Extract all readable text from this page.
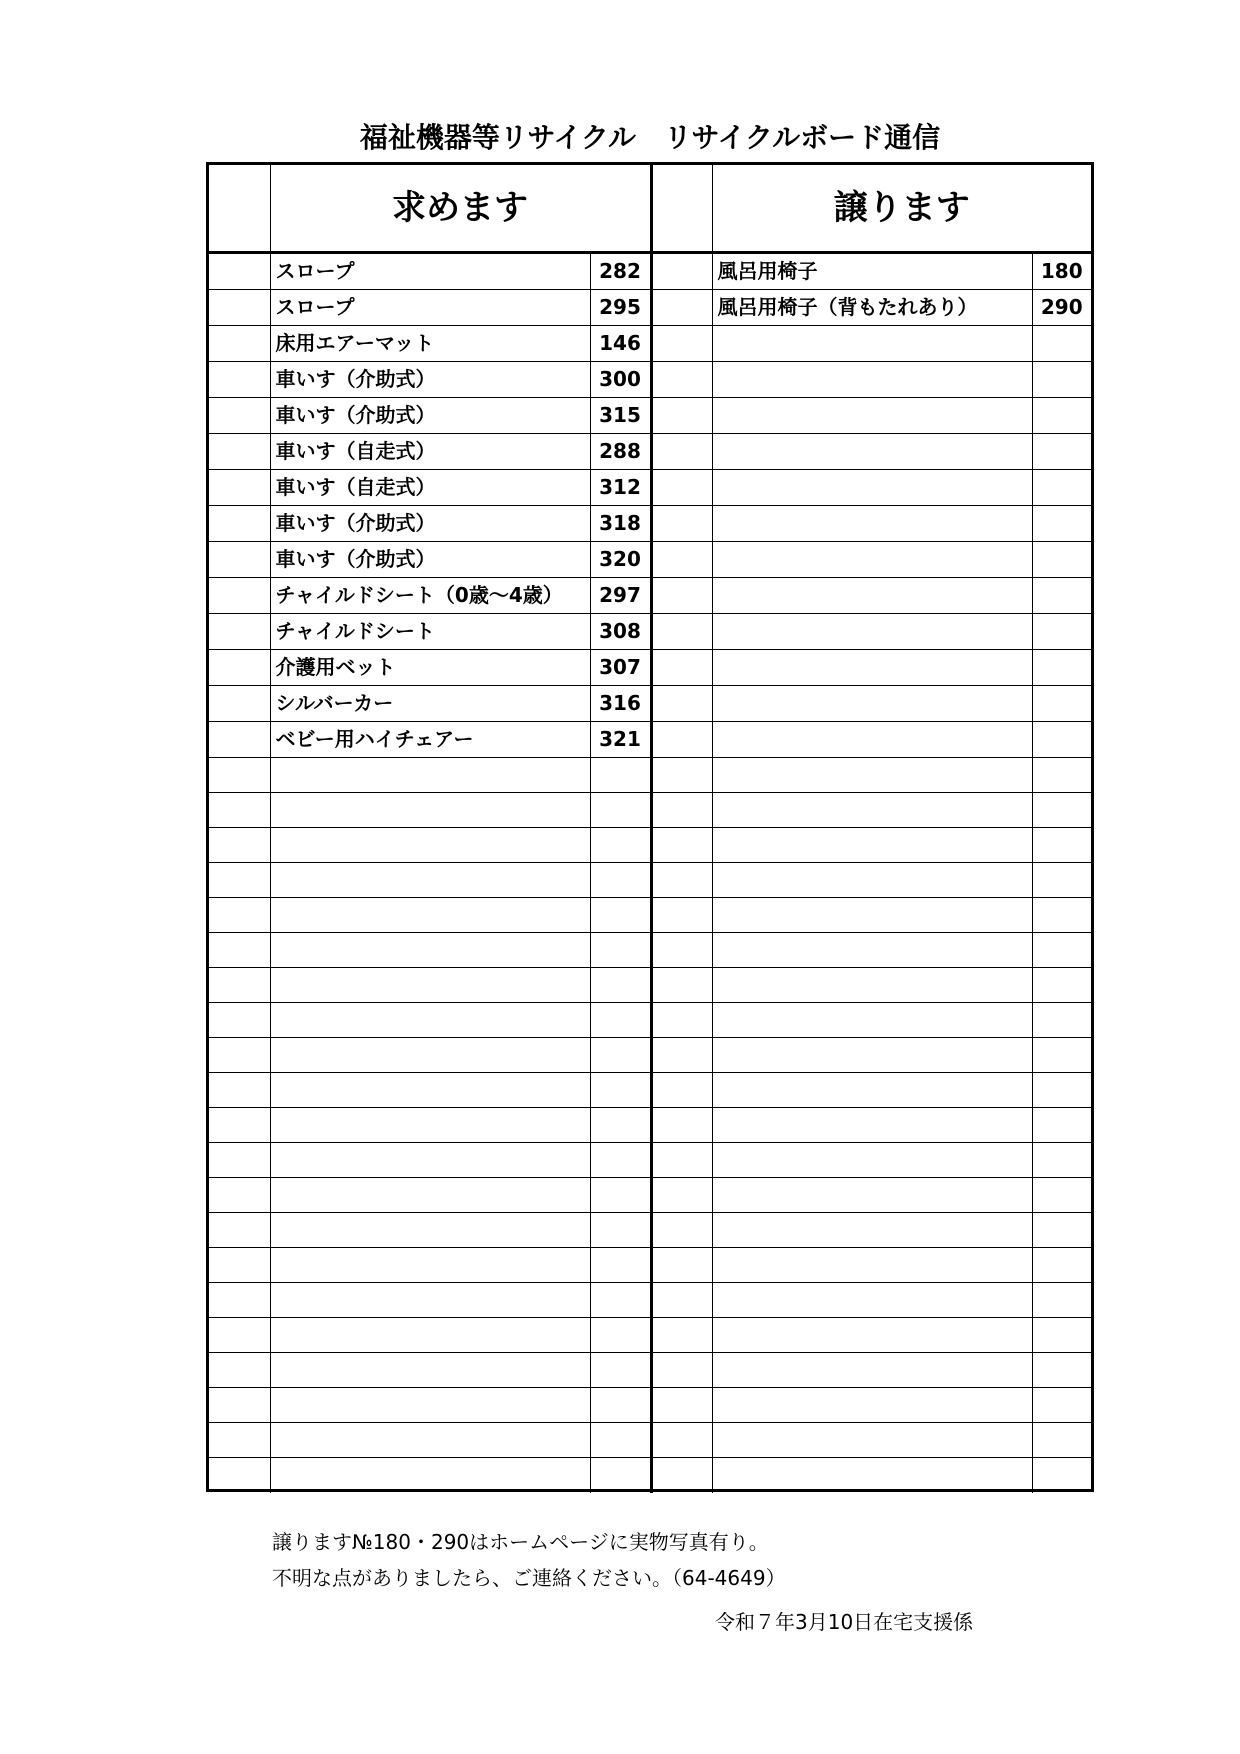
福祉機器等リサイクル　リサイクルボード通信
	求めます			譲ります	
	スロープ	282		風呂用椅子	180
	スロープ	295		風呂用椅子（背もたれあり）	290
	床用エアーマット	146			
	車いす（介助式）	300			
	車いす（介助式）	315			
	車いす（自走式）	288			
	車いす（自走式）	312			
	車いす（介助式）	318			
	車いす（介助式）	320			
	チャイルドシート（0歳～4歳）	297			
	チャイルドシート	308			
	介護用ベット	307			
	シルバーカー	316			
	ベビー用ハイチェアー	321			

譲ります№180・290はホームページに実物写真有り。
不明な点がありましたら、ご連絡ください。（64-4649）
令和７年3月10日在宅支援係
